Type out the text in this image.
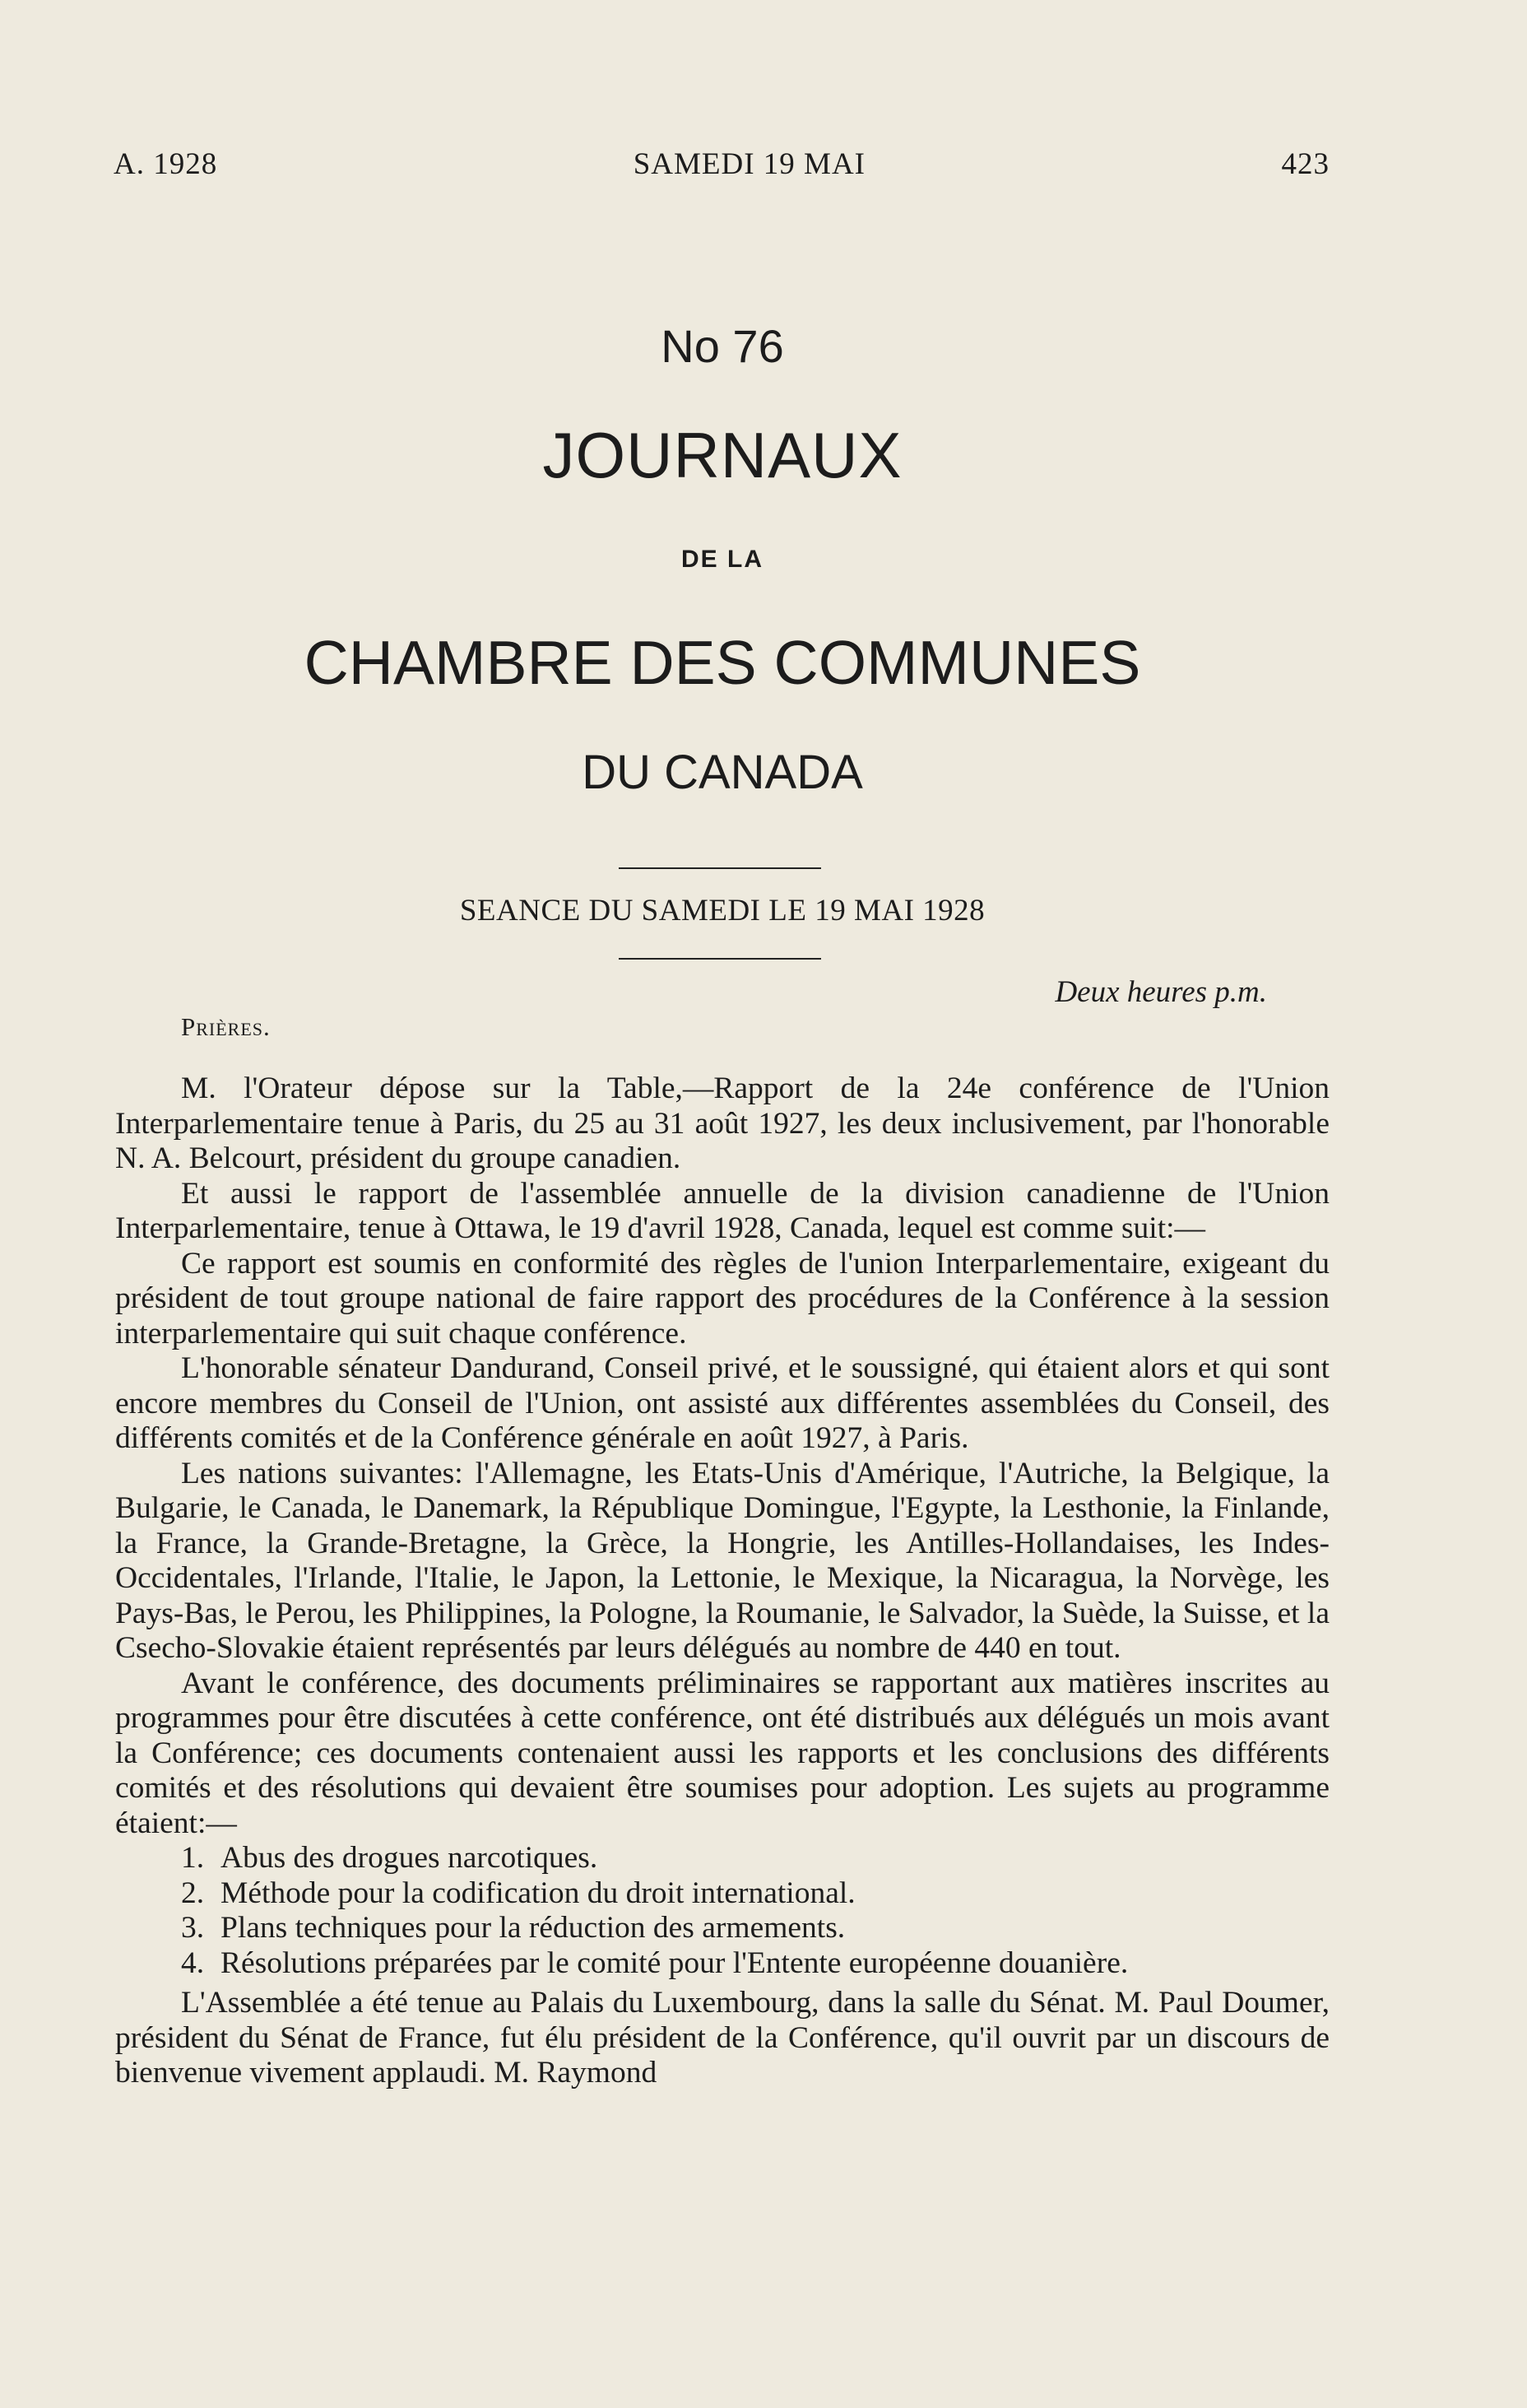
A. 1928	SAMEDI 19 MAI	423
No 76
JOURNAUX
DE LA
CHAMBRE DES COMMUNES
DU CANADA
SEANCE DU SAMEDI LE 19 MAI 1928
Deux heures p.m.
Prières.

M. l'Orateur dépose sur la Table,—Rapport de la 24e conférence de l'Union Interparlementaire tenue à Paris, du 25 au 31 août 1927, les deux inclusivement, par l'honorable N. A. Belcourt, président du groupe canadien.

Et aussi le rapport de l'assemblée annuelle de la division canadienne de l'Union Interparlementaire, tenue à Ottawa, le 19 d'avril 1928, Canada, lequel est comme suit:—

Ce rapport est soumis en conformité des règles de l'union Interparlementaire, exigeant du président de tout groupe national de faire rapport des procédures de la Conférence à la session interparlementaire qui suit chaque conférence.

L'honorable sénateur Dandurand, Conseil privé, et le soussigné, qui étaient alors et qui sont encore membres du Conseil de l'Union, ont assisté aux différentes assemblées du Conseil, des différents comités et de la Conférence générale en août 1927, à Paris.

Les nations suivantes: l'Allemagne, les Etats-Unis d'Amérique, l'Autriche, la Belgique, la Bulgarie, le Canada, le Danemark, la République Domingue, l'Egypte, la Lesthonie, la Finlande, la France, la Grande-Bretagne, la Grèce, la Hongrie, les Antilles-Hollandaises, les Indes-Occidentales, l'Irlande, l'Italie, le Japon, la Lettonie, le Mexique, la Nicaragua, la Norvège, les Pays-Bas, le Perou, les Philippines, la Pologne, la Roumanie, le Salvador, la Suède, la Suisse, et la Csecho-Slovakie étaient représentés par leurs délégués au nombre de 440 en tout.

Avant le conférence, des documents préliminaires se rapportant aux matières inscrites au programmes pour être discutées à cette conférence, ont été distribués aux délégués un mois avant la Conférence; ces documents contenaient aussi les rapports et les conclusions des différents comités et des résolutions qui devaient être soumises pour adoption. Les sujets au programme étaient:—

1. Abus des drogues narcotiques.
2. Méthode pour la codification du droit international.
3. Plans techniques pour la réduction des armements.
4. Résolutions préparées par le comité pour l'Entente européenne douanière.

L'Assemblée a été tenue au Palais du Luxembourg, dans la salle du Sénat. M. Paul Doumer, président du Sénat de France, fut élu président de la Conférence, qu'il ouvrit par un discours de bienvenue vivement applaudi. M. Raymond
